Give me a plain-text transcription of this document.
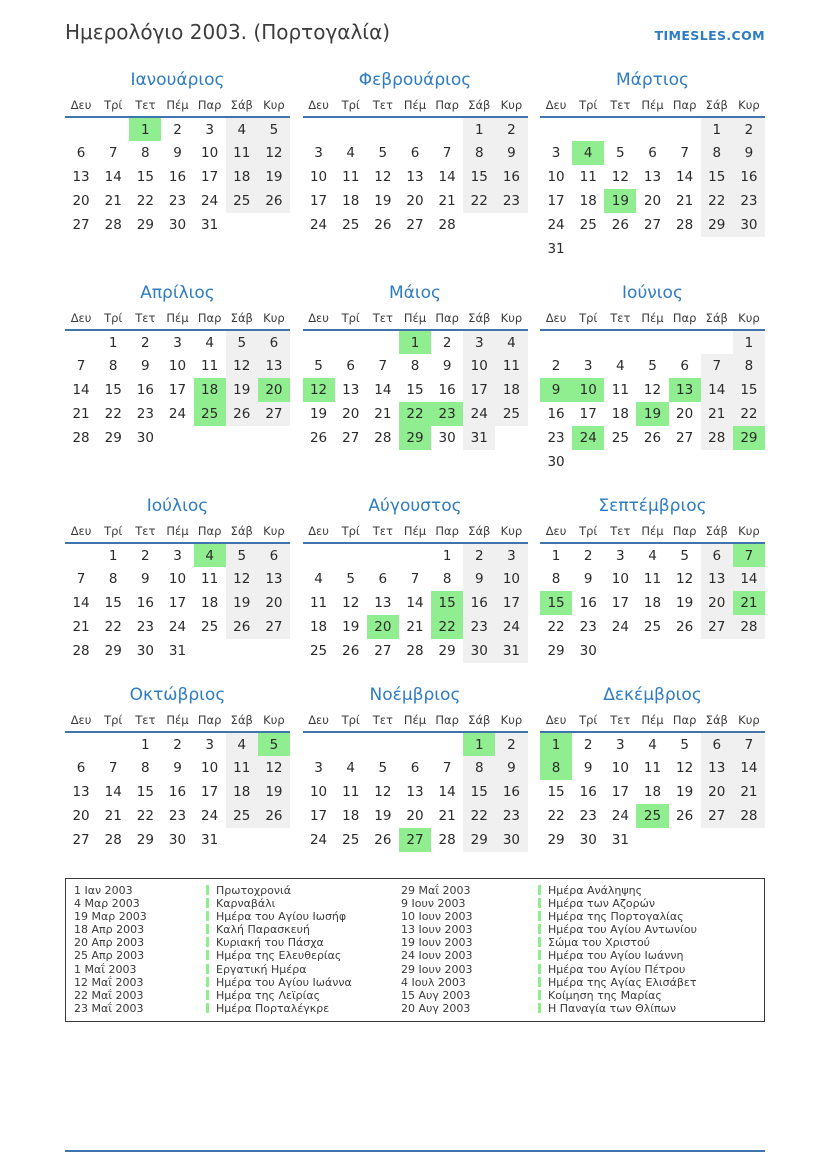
Ημερολόγιο 2003. (Πορτογαλία)	TIMESLES.COM
Ιανουάριος
Δευ	Τρί	Τετ	Πέμ	Παρ	Σάβ	Κυρ
		1	2	3	4	5
6	7	8	9	10	11	12
13	14	15	16	17	18	19
20	21	22	23	24	25	26
27	28	29	30	31		
Φεβρουάριος
Δευ	Τρί	Τετ	Πέμ	Παρ	Σάβ	Κυρ
					1	2
3	4	5	6	7	8	9
10	11	12	13	14	15	16
17	18	19	20	21	22	23
24	25	26	27	28		
Μάρτιος
Δευ	Τρί	Τετ	Πέμ	Παρ	Σάβ	Κυρ
					1	2
3	4	5	6	7	8	9
10	11	12	13	14	15	16
17	18	19	20	21	22	23
24	25	26	27	28	29	30
31						
Απρίλιος
Δευ	Τρί	Τετ	Πέμ	Παρ	Σάβ	Κυρ
	1	2	3	4	5	6
7	8	9	10	11	12	13
14	15	16	17	18	19	20
21	22	23	24	25	26	27
28	29	30				
Μάιος
Δευ	Τρί	Τετ	Πέμ	Παρ	Σάβ	Κυρ
			1	2	3	4
5	6	7	8	9	10	11
12	13	14	15	16	17	18
19	20	21	22	23	24	25
26	27	28	29	30	31	
Ιούνιος
Δευ	Τρί	Τετ	Πέμ	Παρ	Σάβ	Κυρ
						1
2	3	4	5	6	7	8
9	10	11	12	13	14	15
16	17	18	19	20	21	22
23	24	25	26	27	28	29
30						
Ιούλιος
Δευ	Τρί	Τετ	Πέμ	Παρ	Σάβ	Κυρ
	1	2	3	4	5	6
7	8	9	10	11	12	13
14	15	16	17	18	19	20
21	22	23	24	25	26	27
28	29	30	31			
Αύγουστος
Δευ	Τρί	Τετ	Πέμ	Παρ	Σάβ	Κυρ
				1	2	3
4	5	6	7	8	9	10
11	12	13	14	15	16	17
18	19	20	21	22	23	24
25	26	27	28	29	30	31
Σεπτέμβριος
Δευ	Τρί	Τετ	Πέμ	Παρ	Σάβ	Κυρ
1	2	3	4	5	6	7
8	9	10	11	12	13	14
15	16	17	18	19	20	21
22	23	24	25	26	27	28
29	30					
Οκτώβριος
Δευ	Τρί	Τετ	Πέμ	Παρ	Σάβ	Κυρ
		1	2	3	4	5
6	7	8	9	10	11	12
13	14	15	16	17	18	19
20	21	22	23	24	25	26
27	28	29	30	31		
Νοέμβριος
Δευ	Τρί	Τετ	Πέμ	Παρ	Σάβ	Κυρ
					1	2
3	4	5	6	7	8	9
10	11	12	13	14	15	16
17	18	19	20	21	22	23
24	25	26	27	28	29	30
Δεκέμβριος
Δευ	Τρί	Τετ	Πέμ	Παρ	Σάβ	Κυρ
1	2	3	4	5	6	7
8	9	10	11	12	13	14
15	16	17	18	19	20	21
22	23	24	25	26	27	28
29	30	31				
1 Ιαν 2003	Πρωτοχρονιά	29 Μαΐ 2003	Ημέρα Ανάληψης
4 Μαρ 2003	Καρναβάλι	9 Ιουν 2003	Ημέρα των Αζορών
19 Μαρ 2003	Ημέρα του Αγίου Ιωσήφ	10 Ιουν 2003	Ημέρα της Πορτογαλίας
18 Απρ 2003	Καλή Παρασκευή	13 Ιουν 2003	Ημέρα του Αγίου Αντωνίου
20 Απρ 2003	Κυριακή του Πάσχα	19 Ιουν 2003	Σώμα του Χριστού
25 Απρ 2003	Ημέρα της Ελευθερίας	24 Ιουν 2003	Ημέρα του Αγίου Ιωάννη
1 Μαΐ 2003	Εργατική Ημέρα	29 Ιουν 2003	Ημέρα του Αγίου Πέτρου
12 Μαΐ 2003	Ημέρα του Αγίου Ιωάννα	4 Ιουλ 2003	Ημέρα της Αγίας Ελισάβετ
22 Μαΐ 2003	Ημέρα της Λεϊρίας	15 Αυγ 2003	Κοίμηση της Μαρίας
23 Μαΐ 2003	Ημέρα Πορταλέγκρε	20 Αυγ 2003	Η Παναγία των Θλίπων
